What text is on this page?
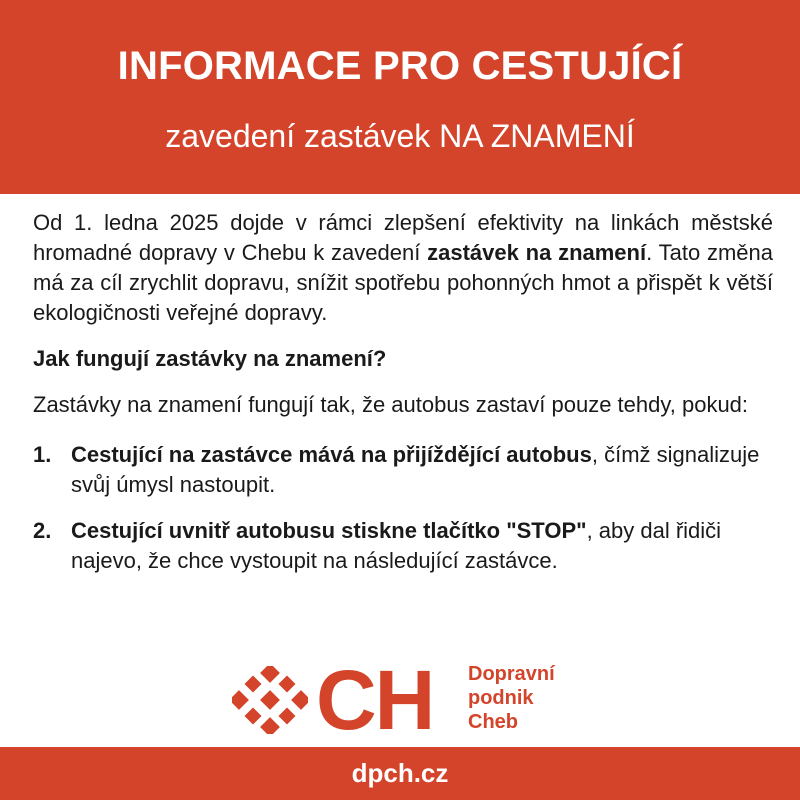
INFORMACE PRO CESTUJÍCÍ
zavedení zastávek NA ZNAMENÍ

Od 1. ledna 2025 dojde v rámci zlepšení efektivity na linkách městské hromadné dopravy v Chebu k zavedení zastávek na znamení. Tato změna má za cíl zrychlit dopravu, snížit spotřebu pohonných hmot a přispět k větší ekologičnosti veřejné dopravy.

Jak fungují zastávky na znamení?

Zastávky na znamení fungují tak, že autobus zastaví pouze tehdy, pokud:

1. Cestující na zastávce mává na přijíždějící autobus, čímž signalizuje svůj úmysl nastoupit.
2. Cestující uvnitř autobusu stiskne tlačítko "STOP", aby dal řidiči najevo, že chce vystoupit na následující zastávce.
CH Dopravní
podnik
Cheb
dpch.cz
